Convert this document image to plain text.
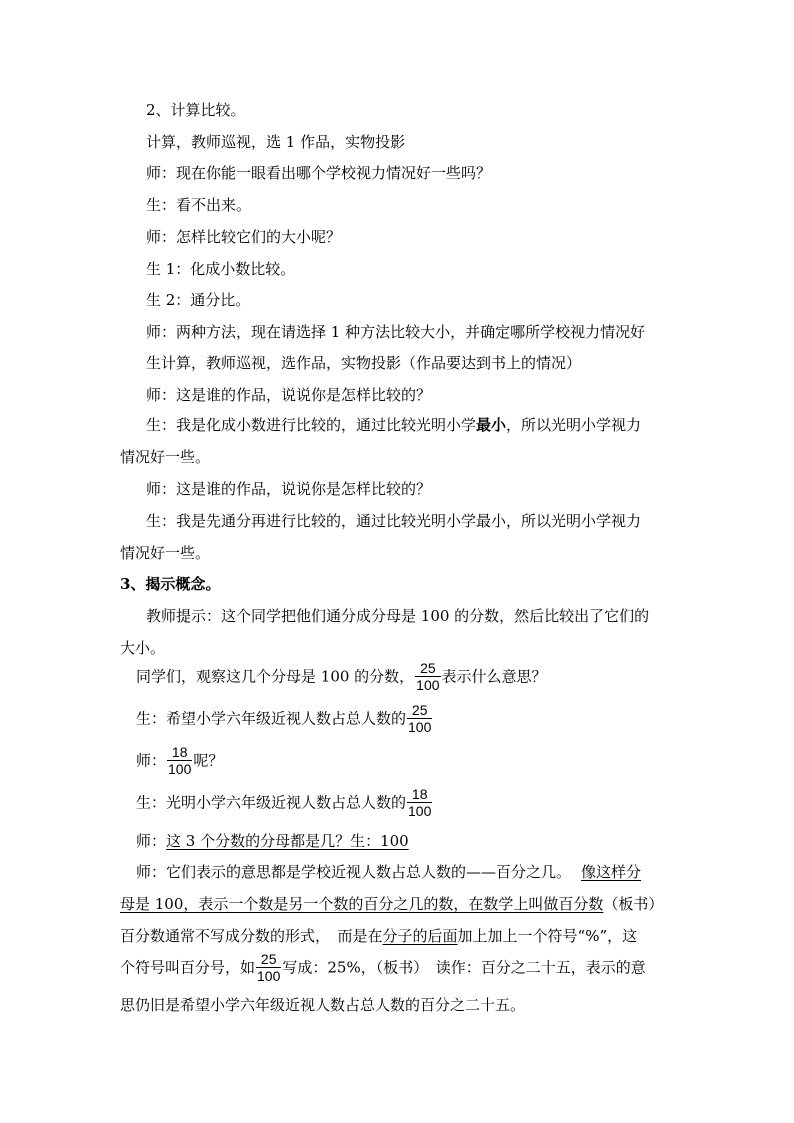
2、计算比较。
计算，教师巡视，选 1 作品，实物投影
师：现在你能一眼看出哪个学校视力情况好一些吗？
生：看不出来。
师：怎样比较它们的大小呢？
生 1：化成小数比较。
生 2：通分比。
师：两种方法，现在请选择 1 种方法比较大小，并确定哪所学校视力情况好
生计算，教师巡视，选作品，实物投影（作品要达到书上的情况）
师：这是谁的作品，说说你是怎样比较的？
生：我是化成小数进行比较的，通过比较光明小学最小，所以光明小学视力
情况好一些。
师：这是谁的作品，说说你是怎样比较的？
生：我是先通分再进行比较的，通过比较光明小学最小，所以光明小学视力
情况好一些。
3、揭示概念。
教师提示：这个同学把他们通分成分母是 100 的分数，然后比较出了它们的
大小。
同学们，观察这几个分母是 100 的分数， $\frac{25}{100}$ 表示什么意思？
生：希望小学六年级近视人数占总人数的 $\frac{25}{100}$
师： $\frac{18}{100}$ 呢？
生：光明小学六年级近视人数占总人数的 $\frac{18}{100}$
师：这 3 个分数的分母都是几？生：100
师：它们表示的意思都是学校近视人数占总人数的——百分之几。 像这样分
母是 100，表示一个数是另一个数的百分之几的数，在数学上叫做百分数（板书）
百分数通常不写成分数的形式，　而是在分子的后面加上加上一个符号“%”，这
个符号叫百分号，如 $\frac{25}{100}$ 写成：25%，（板书）　读作：百分之二十五，表示的意
思仍旧是希望小学六年级近视人数占总人数的百分之二十五。
